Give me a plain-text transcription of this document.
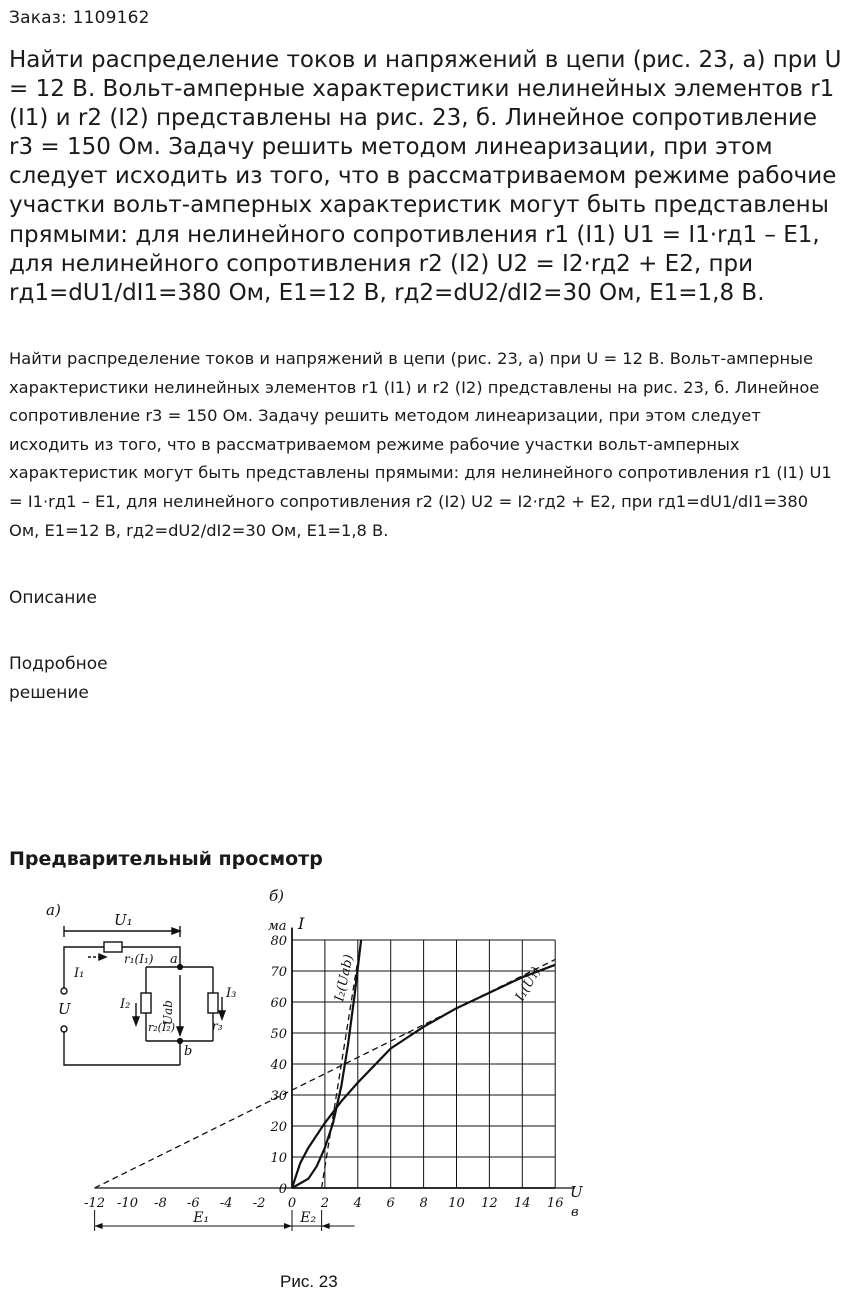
Заказ: 1109162
Найти распределение токов и напряжений в цепи (рис. 23, а) при U = 12 В. Вольт-амперные характеристики нелинейных элементов r1 (I1) и r2 (I2) представлены на рис. 23, б. Линейное сопротивление r3 = 150 Ом. Задачу решить методом линеаризации, при этом следует исходить из того, что в рассматриваемом режиме рабочие участки вольт-амперных характеристик могут быть представлены прямыми: для нелинейного сопротивления r1 (I1) U1 = I1·rд1 – E1, для нелинейного сопротивления r2 (I2) U2 = I2·rд2 + E2, при rд1=dU1/dI1=380 Ом, E1=12 В, rд2=dU2/dI2=30 Ом, E1=1,8 В.
Найти распределение токов и напряжений в цепи (рис. 23, а) при U = 12 В. Вольт-амперные характеристики нелинейных элементов r1 (I1) и r2 (I2) представлены на рис. 23, б. Линейное сопротивление r3 = 150 Ом. Задачу решить методом линеаризации, при этом следует исходить из того, что в рассматриваемом режиме рабочие участки вольт-амперных характеристик могут быть представлены прямыми: для нелинейного сопротивления r1 (I1) U1 = I1·rд1 – E1, для нелинейного сопротивления r2 (I2) U2 = I2·rд2 + E2, при rд1=dU1/dI1=380 Ом, E1=12 В, rд2=dU2/dI2=30 Ом, E1=1,8 В.
Описание
Подробное решение
Предварительный просмотр
а)
U₁
r₁(I₁)
I₁
a
U
b
Uab
I₂
r₂(I₂)
I₃
r₃
б)
ма I
U
в
0
10
20
30
40
50
60
70
80
-12 -10 -8 -6 -4 -2 0 2 4 6 8 10 12 14 16
I₁(U₁)
I₂(Uab)
E₁	E₂
Рис. 23
